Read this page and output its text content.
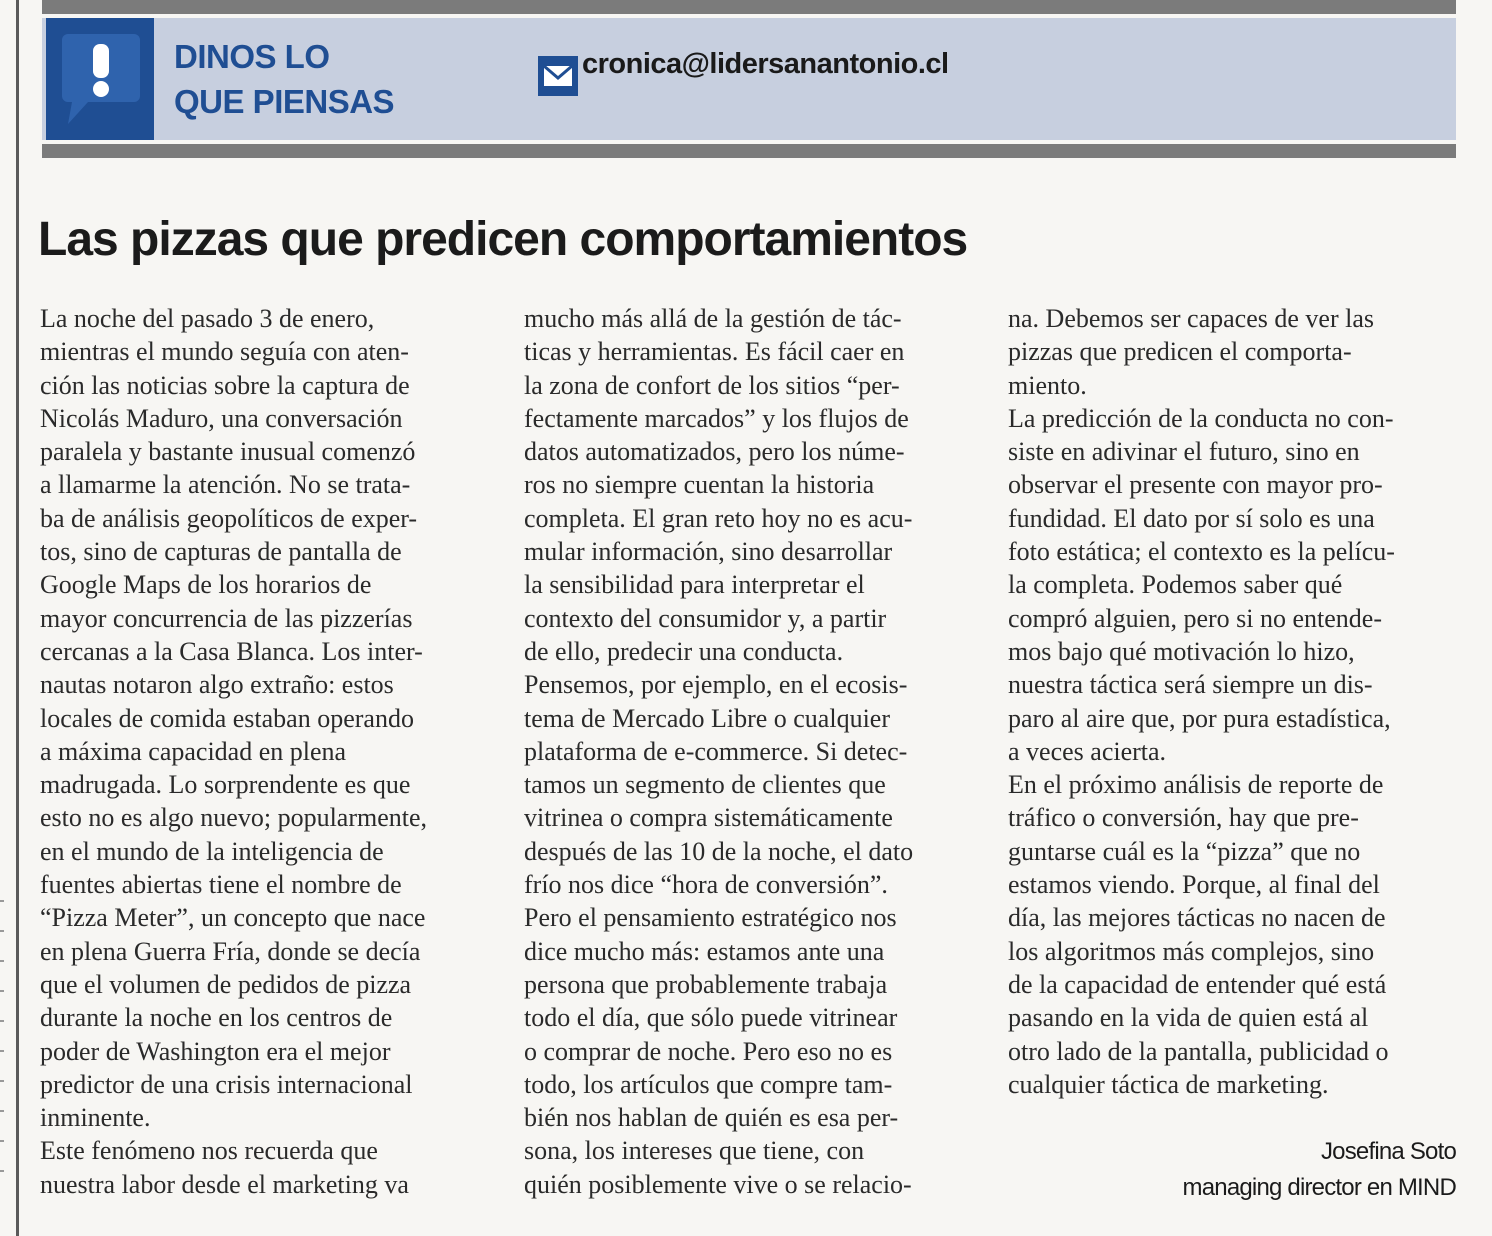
DINOS LO
QUE PIENSAS
cronica@lidersanantonio.cl
Las pizzas que predicen comportamientos
La noche del pasado 3 de enero,
mientras el mundo seguía con aten-
ción las noticias sobre la captura de
Nicolás Maduro, una conversación
paralela y bastante inusual comenzó
a llamarme la atención. No se trata-
ba de análisis geopolíticos de exper-
tos, sino de capturas de pantalla de
Google Maps de los horarios de
mayor concurrencia de las pizzerías
cercanas a la Casa Blanca. Los inter-
nautas notaron algo extraño: estos
locales de comida estaban operando
a máxima capacidad en plena
madrugada. Lo sorprendente es que
esto no es algo nuevo; popularmente,
en el mundo de la inteligencia de
fuentes abiertas tiene el nombre de
“Pizza Meter”, un concepto que nace
en plena Guerra Fría, donde se decía
que el volumen de pedidos de pizza
durante la noche en los centros de
poder de Washington era el mejor
predictor de una crisis internacional
inminente.
Este fenómeno nos recuerda que
nuestra labor desde el marketing va
mucho más allá de la gestión de tác-
ticas y herramientas. Es fácil caer en
la zona de confort de los sitios “per-
fectamente marcados” y los flujos de
datos automatizados, pero los núme-
ros no siempre cuentan la historia
completa. El gran reto hoy no es acu-
mular información, sino desarrollar
la sensibilidad para interpretar el
contexto del consumidor y, a partir
de ello, predecir una conducta.
Pensemos, por ejemplo, en el ecosis-
tema de Mercado Libre o cualquier
plataforma de e-commerce. Si detec-
tamos un segmento de clientes que
vitrinea o compra sistemáticamente
después de las 10 de la noche, el dato
frío nos dice “hora de conversión”.
Pero el pensamiento estratégico nos
dice mucho más: estamos ante una
persona que probablemente trabaja
todo el día, que sólo puede vitrinear
o comprar de noche. Pero eso no es
todo, los artículos que compre tam-
bién nos hablan de quién es esa per-
sona, los intereses que tiene, con
quién posiblemente vive o se relacio-
na. Debemos ser capaces de ver las
pizzas que predicen el comporta-
miento.
La predicción de la conducta no con-
siste en adivinar el futuro, sino en
observar el presente con mayor pro-
fundidad. El dato por sí solo es una
foto estática; el contexto es la pelícu-
la completa. Podemos saber qué
compró alguien, pero si no entende-
mos bajo qué motivación lo hizo,
nuestra táctica será siempre un dis-
paro al aire que, por pura estadística,
a veces acierta.
En el próximo análisis de reporte de
tráfico o conversión, hay que pre-
guntarse cuál es la “pizza” que no
estamos viendo. Porque, al final del
día, las mejores tácticas no nacen de
los algoritmos más complejos, sino
de la capacidad de entender qué está
pasando en la vida de quien está al
otro lado de la pantalla, publicidad o
cualquier táctica de marketing.
Josefina Soto
managing director en MIND
